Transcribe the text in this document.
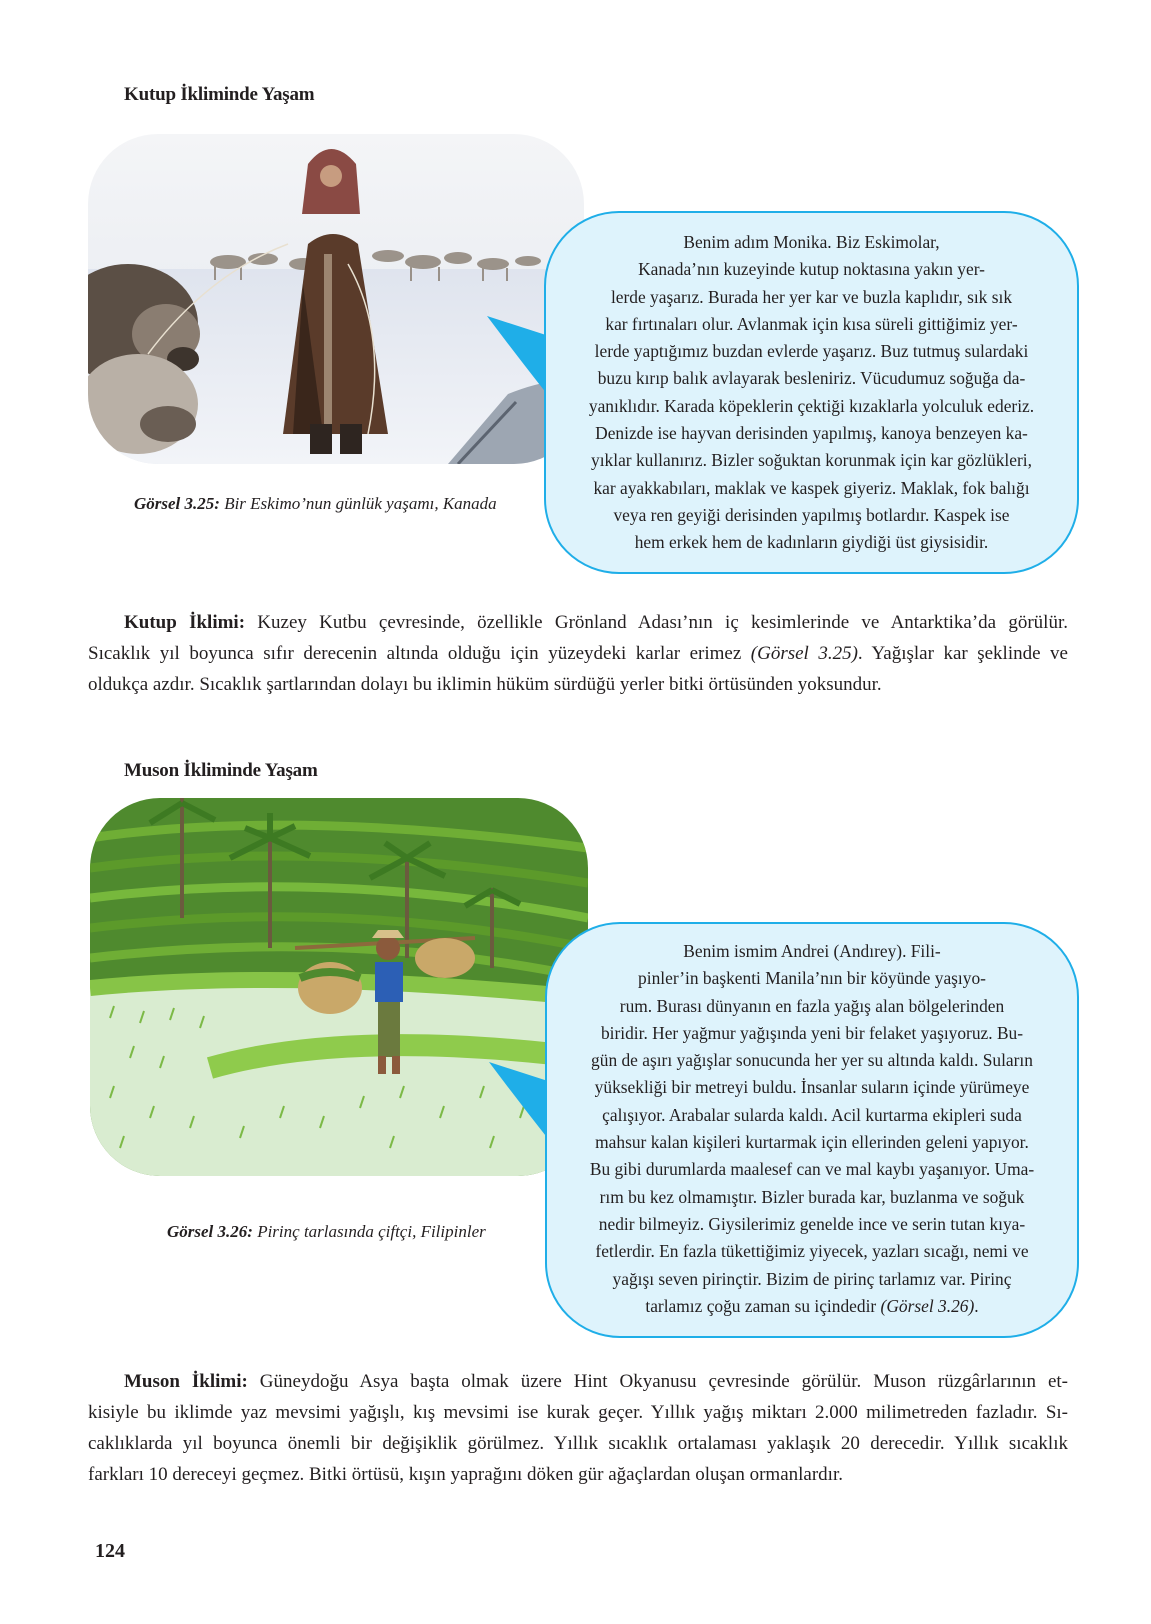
Kutup İkliminde Yaşam
Benim adım Monika. Biz Eskimolar,
Kanada’nın kuzeyinde kutup noktasına yakın yer-
lerde yaşarız. Burada her yer kar ve buzla kaplıdır, sık sık
kar fırtınaları olur. Avlanmak için kısa süreli gittiğimiz yer-
lerde yaptığımız buzdan evlerde yaşarız. Buz tutmuş sulardaki
buzu kırıp balık avlayarak besleniriz. Vücudumuz soğuğa da-
yanıklıdır. Karada köpeklerin çektiği kızaklarla yolculuk ederiz.
Denizde ise hayvan derisinden yapılmış, kanoya benzeyen ka-
yıklar kullanırız. Bizler soğuktan korunmak için kar gözlükleri,
kar ayakkabıları, maklak ve kaspek giyeriz. Maklak, fok balığı
veya ren geyiği derisinden yapılmış botlardır. Kaspek ise
hem erkek hem de kadınların giydiği üst giysisidir.
Görsel 3.25: Bir Eskimo’nun günlük yaşamı, Kanada
Kutup İklimi: Kuzey Kutbu çevresinde, özellikle Grönland Adası’nın iç kesimlerinde ve Antarktika’da görülür.
Sıcaklık yıl boyunca sıfır derecenin altında olduğu için yüzeydeki karlar erimez (Görsel 3.25). Yağışlar kar şeklinde ve
oldukça azdır. Sıcaklık şartlarından dolayı bu iklimin hüküm sürdüğü yerler bitki örtüsünden yoksundur.
Muson İkliminde Yaşam
Benim ismim Andrei (Andırey). Fili-
pinler’in başkenti Manila’nın bir köyünde yaşıyo-
rum. Burası dünyanın en fazla yağış alan bölgelerinden
biridir. Her yağmur yağışında yeni bir felaket yaşıyoruz. Bu-
gün de aşırı yağışlar sonucunda her yer su altında kaldı. Suların
yüksekliği bir metreyi buldu. İnsanlar suların içinde yürümeye
çalışıyor. Arabalar sularda kaldı. Acil kurtarma ekipleri suda
mahsur kalan kişileri kurtarmak için ellerinden geleni yapıyor.
Bu gibi durumlarda maalesef can ve mal kaybı yaşanıyor. Uma-
rım bu kez olmamıştır. Bizler burada kar, buzlanma ve soğuk
nedir bilmeyiz. Giysilerimiz genelde ince ve serin tutan kıya-
fetlerdir. En fazla tükettiğimiz yiyecek, yazları sıcağı, nemi ve
yağışı seven pirinçtir. Bizim de pirinç tarlamız var. Pirinç
tarlamız çoğu zaman su içindedir (Görsel 3.26).
Görsel 3.26: Pirinç tarlasında çiftçi, Filipinler
Muson İklimi: Güneydoğu Asya başta olmak üzere Hint Okyanusu çevresinde görülür. Muson rüzgârlarının et-
kisiyle bu iklimde yaz mevsimi yağışlı, kış mevsimi ise kurak geçer. Yıllık yağış miktarı 2.000 milimetreden fazladır. Sı-
caklıklarda yıl boyunca önemli bir değişiklik görülmez. Yıllık sıcaklık ortalaması yaklaşık 20 derecedir. Yıllık sıcaklık
farkları 10 dereceyi geçmez. Bitki örtüsü, kışın yaprağını döken gür ağaçlardan oluşan ormanlardır.
124
